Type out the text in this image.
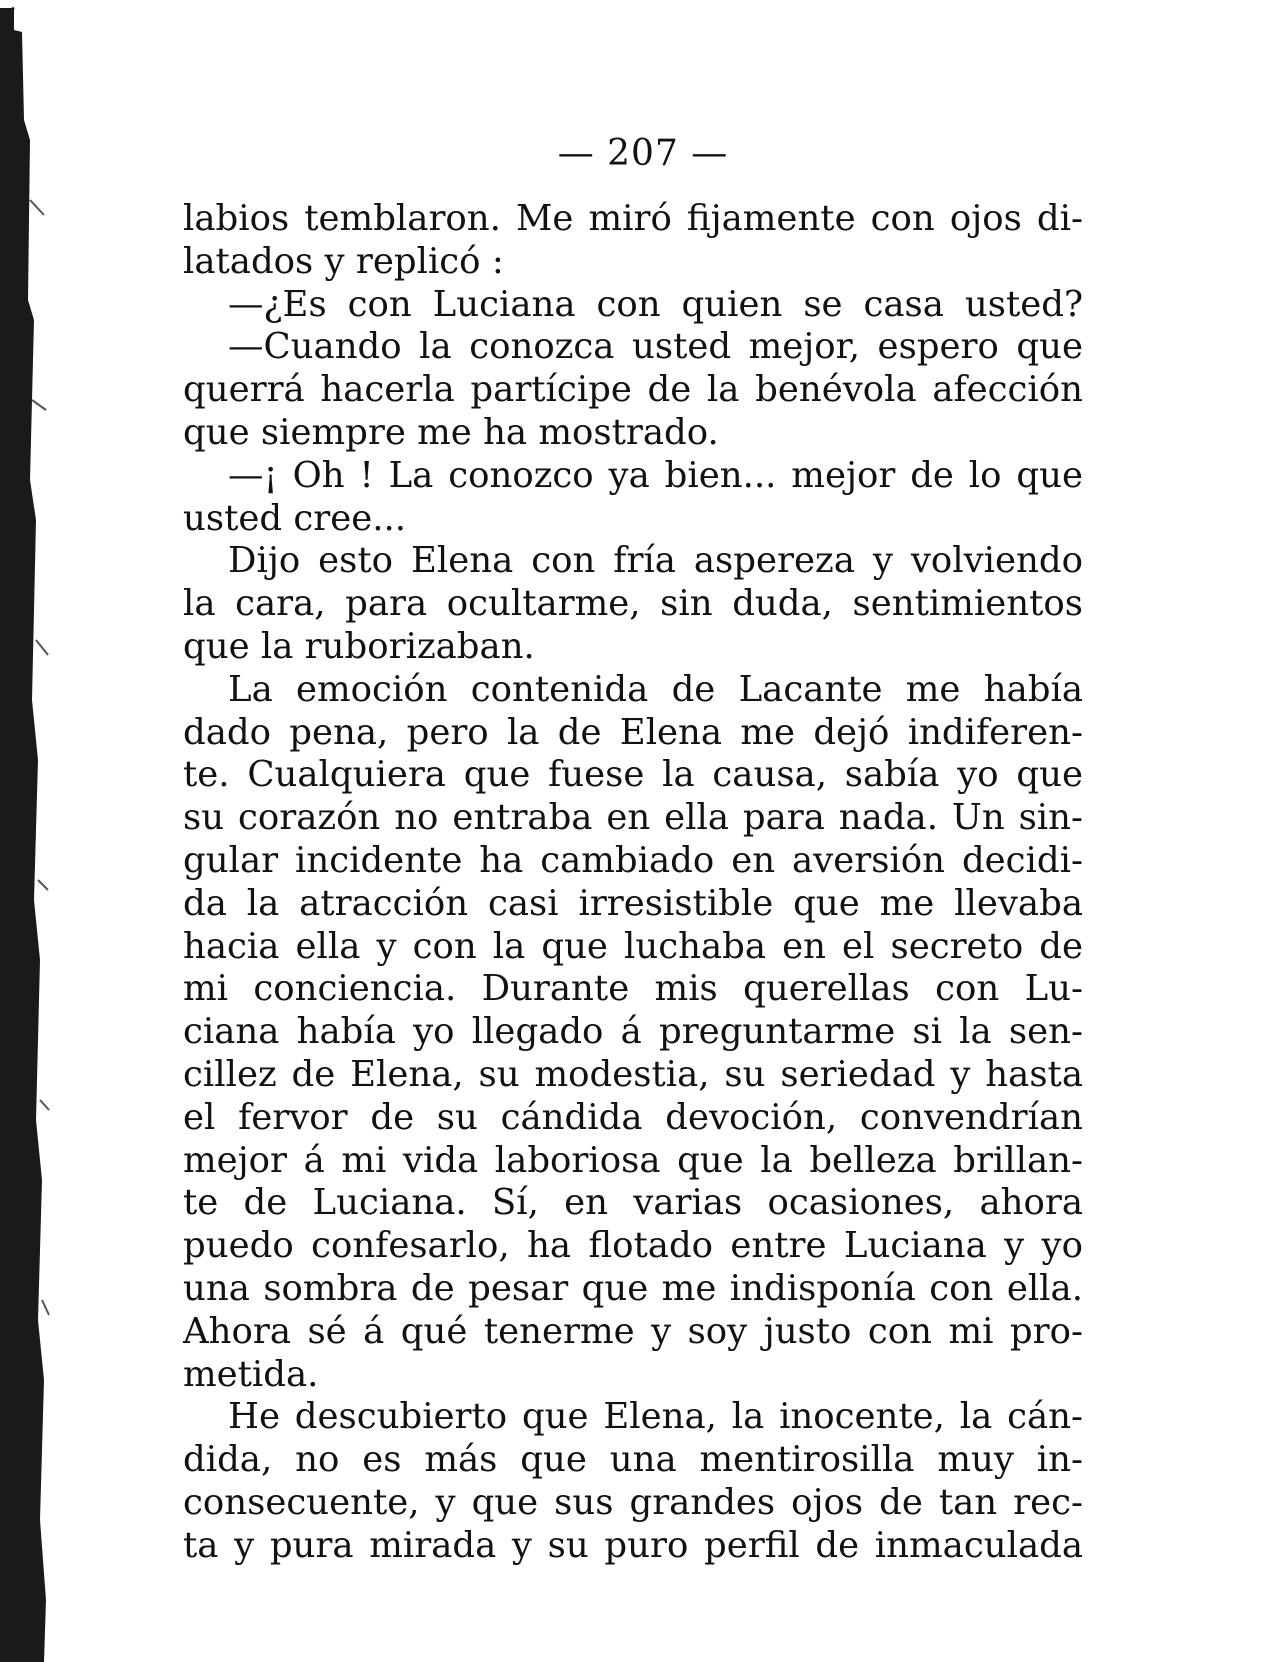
— 207 —
labios temblaron. Me miró fijamente con ojos di-
latados y replicó :
—¿Es con Luciana con quien se casa usted?
—Cuando la conozca usted mejor, espero que
querrá hacerla partícipe de la benévola afección
que siempre me ha mostrado.
—¡ Oh ! La conozco ya bien... mejor de lo que
usted cree...
Dijo esto Elena con fría aspereza y volviendo
la cara, para ocultarme, sin duda, sentimientos
que la ruborizaban.
La emoción contenida de Lacante me había
dado pena, pero la de Elena me dejó indiferen-
te. Cualquiera que fuese la causa, sabía yo que
su corazón no entraba en ella para nada. Un sin-
gular incidente ha cambiado en aversión decidi-
da la atracción casi irresistible que me llevaba
hacia ella y con la que luchaba en el secreto de
mi conciencia. Durante mis querellas con Lu-
ciana había yo llegado á preguntarme si la sen-
cillez de Elena, su modestia, su seriedad y hasta
el fervor de su cándida devoción, convendrían
mejor á mi vida laboriosa que la belleza brillan-
te de Luciana. Sí, en varias ocasiones, ahora
puedo confesarlo, ha flotado entre Luciana y yo
una sombra de pesar que me indisponía con ella.
Ahora sé á qué tenerme y soy justo con mi pro-
metida.
He descubierto que Elena, la inocente, la cán-
dida, no es más que una mentirosilla muy in-
consecuente, y que sus grandes ojos de tan rec-
ta y pura mirada y su puro perfil de inmaculada
